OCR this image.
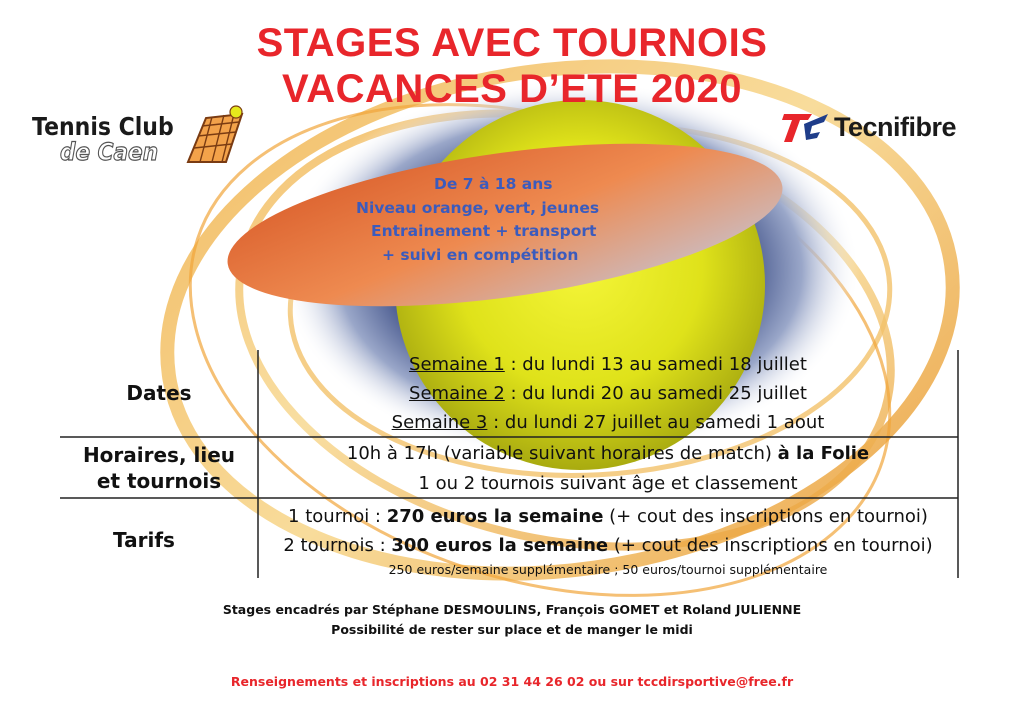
STAGES AVEC TOURNOIS
VACANCES D’ETE 2020
Tennis Club
de Caen
Tecnifibre
De 7 à 18 ans
Niveau orange, vert, jeunes
Entrainement + transport
+ suivi en compétition
Dates
Horaires, lieu
et tournois
Tarifs
Semaine 1 : du lundi 13 au samedi 18 juillet
Semaine 2 : du lundi 20 au samedi 25 juillet
Semaine 3 : du lundi 27 juillet au samedi 1 aout
10h à 17h (variable suivant horaires de match) à la Folie
1 ou 2 tournois suivant âge et classement
1 tournoi : 270 euros la semaine (+ cout des inscriptions en tournoi)
2 tournois : 300 euros la semaine (+ cout des inscriptions en tournoi)
250 euros/semaine supplémentaire ; 50 euros/tournoi supplémentaire
Stages encadrés par Stéphane DESMOULINS, François GOMET et Roland JULIENNE
Possibilité de rester sur place et de manger le midi
Renseignements et inscriptions au 02 31 44 26 02 ou sur tccdirsportive@free.fr
